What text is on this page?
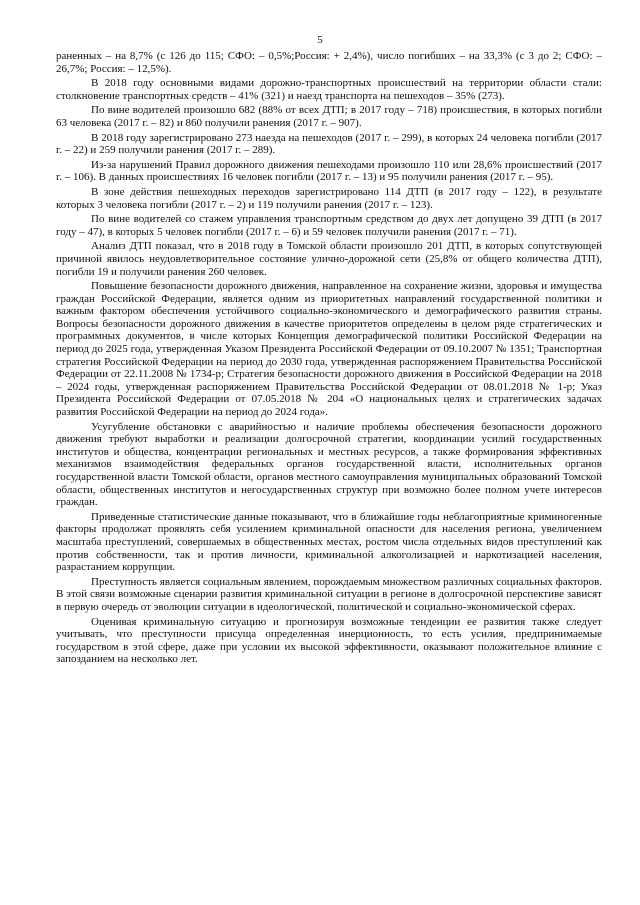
5

раненных – на 8,7% (с 126 до 115; СФО: – 0,5%;Россия: + 2,4%), число погибших – на 33,3% (с 3 до 2; СФО: – 26,7%; Россия: – 12,5%).

В 2018 году основными видами дорожно-транспортных происшествий на территории области стали: столкновение транспортных средств – 41% (321) и наезд транспорта на пешеходов – 35% (273).

По вине водителей произошло 682 (88% от всех ДТП; в 2017 году – 718) происшествия, в которых погибли 63 человека (2017 г. – 82) и 860 получили ранения (2017 г. – 907).

В 2018 году зарегистрировано 273 наезда на пешеходов (2017 г. – 299), в которых 24 человека погибли (2017 г. – 22) и 259 получили ранения (2017 г. – 289).

Из-за нарушений Правил дорожного движения пешеходами произошло 110 или 28,6% происшествий (2017 г. – 106). В данных происшествиях 16 человек погибли (2017 г. – 13) и 95 получили ранения (2017 г. – 95).

В зоне действия пешеходных переходов зарегистрировано 114 ДТП (в 2017 году – 122), в результате которых 3 человека погибли (2017 г. – 2) и 119 получили ранения (2017 г. – 123).

По вине водителей со стажем управления транспортным средством до двух лет допущено 39 ДТП (в 2017 году – 47), в которых 5 человек погибли (2017 г. – 6) и 59 человек получили ранения (2017 г. – 71).

Анализ ДТП показал, что в 2018 году в Томской области произошло 201 ДТП, в которых сопутствующей причиной явилось неудовлетворительное состояние улично-дорожной сети (25,8% от общего количества ДТП), погибли 19 и получили ранения 260 человек.

Повышение безопасности дорожного движения, направленное на сохранение жизни, здоровья и имущества граждан Российской Федерации, является одним из приоритетных направлений государственной политики и важным фактором обеспечения устойчивого социально-экономического и демографического развития страны. Вопросы безопасности дорожного движения в качестве приоритетов определены в целом ряде стратегических и программных документов, в числе которых Концепция демографической политики Российской Федерации на период до 2025 года, утвержденная Указом Президента Российской Федерации от 09.10.2007 № 1351; Транспортная стратегия Российской Федерации на период до 2030 года, утвержденная распоряжением Правительства Российской Федерации от 22.11.2008 № 1734-р; Стратегия безопасности дорожного движения в Российской Федерации на 2018 – 2024 годы, утвержденная распоряжением Правительства Российской Федерации от 08.01.2018 № 1-р; Указ Президента Российской Федерации от 07.05.2018 № 204 «О национальных целях и стратегических задачах развития Российской Федерации на период до 2024 года».

Усугубление обстановки с аварийностью и наличие проблемы обеспечения безопасности дорожного движения требуют выработки и реализации долгосрочной стратегии, координации усилий государственных институтов и общества, концентрации региональных и местных ресурсов, а также формирования эффективных механизмов взаимодействия федеральных органов государственной власти, исполнительных органов государственной власти Томской области, органов местного самоуправления муниципальных образований Томской области, общественных институтов и негосударственных структур при возможно более полном учете интересов граждан.

Приведенные статистические данные показывают, что в ближайшие годы неблагоприятные криминогенные факторы продолжат проявлять себя усилением криминальной опасности для населения региона, увеличением масштаба преступлений, совершаемых в общественных местах, ростом числа отдельных видов преступлений как против собственности, так и против личности, криминальной алкоголизацией и наркотизацией населения, разрастанием коррупции.

Преступность является социальным явлением, порождаемым множеством различных социальных факторов. В этой связи возможные сценарии развития криминальной ситуации в регионе в долгосрочной перспективе зависят в первую очередь от эволюции ситуации в идеологической, политической и социально-экономической сферах.

Оценивая криминальную ситуацию и прогнозируя возможные тенденции ее развития также следует учитывать, что преступности присуща определенная инерционность, то есть усилия, предпринимаемые государством в этой сфере, даже при условии их высокой эффективности, оказывают положительное влияние с запозданием на несколько лет.
